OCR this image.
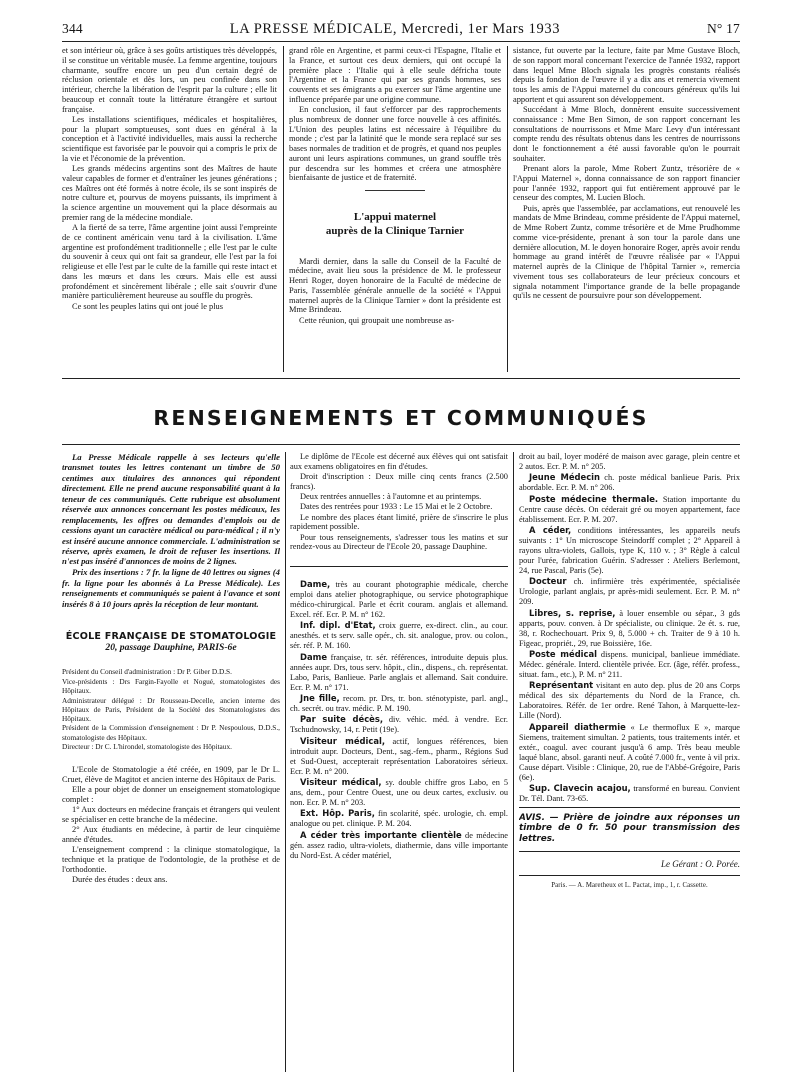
344	LA PRESSE MÉDICALE, Mercredi, 1er Mars 1933	N° 17

et son intérieur où, grâce à ses goûts artistiques très développés, il se constitue un véritable musée. La femme argentine, toujours charmante, souffre encore un peu d'un certain degré de réclusion orientale et dès lors, un peu confinée dans son intérieur, cherche la libération de l'esprit par la culture ; elle lit beaucoup et connaît toute la littérature étrangère et surtout française.

Les installations scientifiques, médicales et hospitalières, pour la plupart somptueuses, sont dues en général à la conception et à l'activité individuelles, mais aussi la recherche scientifique est favorisée par le pouvoir qui a compris le prix de la vie et l'économie de la prévention.

Les grands médecins argentins sont des Maîtres de haute valeur capables de former et d'entraîner les jeunes générations ; ces Maîtres ont été formés à notre école, ils se sont inspirés de notre culture et, pourvus de moyens puissants, ils impriment à la science argentine un mouvement qui la place désormais au premier rang de la médecine mondiale.

A la fierté de sa terre, l'âme argentine joint aussi l'empreinte de ce continent américain venu tard à la civilisation. L'âme argentine est profondément traditionnelle ; elle l'est par le culte du souvenir à ceux qui ont fait sa grandeur, elle l'est par la foi religieuse et elle l'est par le culte de la famille qui reste intact et dans les mœurs et dans les cœurs. Mais elle est aussi profondément et sincèrement libérale ; elle sait s'ouvrir d'une manière particulièrement heureuse au souffle du progrès.

Ce sont les peuples latins qui ont joué le plus

grand rôle en Argentine, et parmi ceux-ci l'Espagne, l'Italie et la France, et surtout ces deux derniers, qui ont occupé la première place : l'Italie qui à elle seule défricha toute l'Argentine et la France qui par ses grands hommes, ses couvents et ses émigrants a pu exercer sur l'âme argentine une influence préparée par une origine commune.

En conclusion, il faut s'efforcer par des rapprochements plus nombreux de donner une force nouvelle à ces affinités. L'Union des peuples latins est nécessaire à l'équilibre du monde ; c'est par la latinité que le monde sera replacé sur ses bases normales de tradition et de progrès, et quand nos peuples auront uni leurs aspirations communes, un grand souffle très pur descendra sur les hommes et créera une atmosphère bienfaisante de justice et de fraternité.

L'appui maternel
auprès de la Clinique Tarnier

Mardi dernier, dans la salle du Conseil de la Faculté de médecine, avait lieu sous la présidence de M. le professeur Henri Roger, doyen honoraire de la Faculté de médecine de Paris, l'assemblée générale annuelle de la société « l'Appui maternel auprès de la Clinique Tarnier » dont la présidente est Mme Brindeau.

Cette réunion, qui groupait une nombreuse as-

sistance, fut ouverte par la lecture, faite par Mme Gustave Bloch, de son rapport moral concernant l'exercice de l'année 1932, rapport dans lequel Mme Bloch signala les progrès constants réalisés depuis la fondation de l'œuvre il y a dix ans et remercia vivement tous les amis de l'Appui maternel du concours généreux qu'ils lui apportent et qui assurent son développement.

Succédant à Mme Bloch, donnèrent ensuite successivement connaissance : Mme Ben Simon, de son rapport concernant les consultations de nourrissons et Mme Marc Levy d'un intéressant compte rendu des résultats obtenus dans les centres de nourrissons dont le fonctionnement a été aussi favorable qu'on le pourrait souhaiter.

Prenant alors la parole, Mme Robert Zuntz, trésorière de « l'Appui Maternel », donna connaissance de son rapport financier pour l'année 1932, rapport qui fut entièrement approuvé par le censeur des comptes, M. Lucien Bloch.

Puis, après que l'assemblée, par acclamations, eut renouvelé les mandats de Mme Brindeau, comme présidente de l'Appui maternel, de Mme Robert Zuntz, comme trésorière et de Mme Prudhomme comme vice-présidente, prenant à son tour la parole dans une dernière allocution, M. le doyen honoraire Roger, après avoir rendu hommage au grand intérêt de l'œuvre réalisée par « l'Appui maternel auprès de la Clinique de l'hôpital Tarnier », remercia vivement tous ses collaborateurs de leur précieux concours et signala notamment l'importance grande de la belle propagande qu'ils ne cessent de poursuivre pour son développement.

RENSEIGNEMENTS ET COMMUNIQUÉS

La Presse Médicale rappelle à ses lecteurs qu'elle transmet toutes les lettres contenant un timbre de 50 centimes aux titulaires des annonces qui répondent directement. Elle ne prend aucune responsabilité quant à la teneur de ces communiqués. Cette rubrique est absolument réservée aux annonces concernant les postes médicaux, les remplacements, les offres ou demandes d'emplois ou de cessions ayant un caractère médical ou para-médical ; il n'y est inséré aucune annonce commerciale. L'administration se réserve, après examen, le droit de refuser les insertions. Il n'est pas inséré d'annonces de moins de 2 lignes.

Prix des insertions : 7 fr. la ligne de 40 lettres ou signes (4 fr. la ligne pour les abonnés à La Presse Médicale). Les renseignements et communiqués se paient à l'avance et sont insérés 8 à 10 jours après la réception de leur montant.

ÉCOLE FRANÇAISE DE STOMATOLOGIE
20, passage Dauphine, PARIS-6e

Président du Conseil d'administration : Dr P. Giber D.D.S.

Vice-présidents : Drs Fargin-Fayolle et Nogué, stomatologistes des Hôpitaux.

Administrateur délégué : Dr Rousseau-Decelle, ancien interne des Hôpitaux de Paris, Président de la Société des Stomatologistes des Hôpitaux.

Président de la Commission d'enseignement : Dr P. Nespoulous, D.D.S., stomatologiste des Hôpitaux.

Directeur : Dr C. L'hirondel, stomatologiste des Hôpitaux.

L'Ecole de Stomatologie a été créée, en 1909, par le Dr L. Cruet, élève de Magitot et ancien interne des Hôpitaux de Paris.

Elle a pour objet de donner un enseignement stomatologique complet :

1° Aux docteurs en médecine français et étrangers qui veulent se spécialiser en cette branche de la médecine.

2° Aux étudiants en médecine, à partir de leur cinquième année d'études.

L'enseignement comprend : la clinique stomatologique, la technique et la pratique de l'odontologie, de la prothèse et de l'orthodontie.

Durée des études : deux ans.

Le diplôme de l'Ecole est décerné aux élèves qui ont satisfait aux examens obligatoires en fin d'études.

Droit d'inscription : Deux mille cinq cents francs (2.500 francs).

Deux rentrées annuelles : à l'automne et au printemps.

Dates des rentrées pour 1933 : Le 15 Mai et le 2 Octobre.

Le nombre des places étant limité, prière de s'inscrire le plus rapidement possible.

Pour tous renseignements, s'adresser tous les matins et sur rendez-vous au Directeur de l'Ecole 20, passage Dauphine.

Dame, très au courant photographie médicale, cherche emploi dans atelier photographique, ou service photographique médico-chirurgical. Parle et écrit couram. anglais et allemand. Excel. réf. Ecr. P. M. n° 162.

Inf. dipl. d'Etat, croix guerre, ex-direct. clin., au cour. anesthés. et ts serv. salle opér., ch. sit. analogue, prov. ou colon., sér. réf. P. M. 160.

Dame française, tr. sér. références, introduite depuis plus. années aupr. Drs, tous serv. hôpit., clin., dispens., ch. représentat. Labo, Paris, Banlieue. Parle anglais et allemand. Sait conduire. Ecr. P. M. n° 171.

Jne fille, recom. pr. Drs, tr. bon. sténotypiste, parl. angl., ch. secrét. ou trav. médic. P. M. 190.

Par suite décès, div. véhic. méd. à vendre. Ecr. Tschudnowsky, 14, r. Petit (19e).

Visiteur médical, actif, longues références, bien introduit aupr. Docteurs, Dent., sag.-fem., pharm., Régions Sud et Sud-Ouest, accepterait représentation Laboratoires sérieux. Ecr. P. M. n° 200.

Visiteur médical, sy. double chiffre gros Labo, en 5 ans, dem., pour Centre Ouest, une ou deux cartes, exclusiv. ou non. Ecr. P. M. n° 203.

Ext. Hôp. Paris, fin scolarité, spéc. urologie, ch. empl. analogue ou pet. clinique. P. M. 204.

A céder très importante clientèle de médecine gén. assez radio, ultra-violets, diathermie, dans ville importante du Nord-Est. A céder matériel,

droit au bail, loyer modéré de maison avec garage, plein centre et 2 autos. Ecr. P. M. n° 205.

Jeune Médecin ch. poste médical banlieue Paris. Prix abordable. Ecr. P. M. n° 206.

Poste médecine thermale. Station importante du Centre cause décès. On céderait gré ou moyen appartement, face établissement. Ecr. P. M. 207.

A céder, conditions intéressantes, les appareils neufs suivants : 1° Un microscope Steindorff complet ; 2° Appareil à rayons ultra-violets, Gallois, type K, 110 v. ; 3° Règle à calcul pour l'urée, fabrication Guérin. S'adresser : Ateliers Berlemont, 24, rue Pascal, Paris (5e).

Docteur ch. infirmière très expérimentée, spécialisée Urologie, parlant anglais, pr après-midi seulement. Ecr. P. M. n° 209.

Libres, s. reprise, à louer ensemble ou sépar., 3 gds apparts, pouv. conven. à Dr spécialiste, ou clinique. 2e ét. s. rue, 38, r. Rochechouart. Prix 9, 8, 5.000 + ch. Traiter de 9 à 10 h. Figeac, propriét., 29, rue Boissière, 16e.

Poste médical dispens. municipal, banlieue immédiate. Médec. générale. Interd. clientèle privée. Ecr. (âge, référ. profess., situat. fam., etc.), P. M. n° 211.

Représentant visitant en auto dep. plus de 20 ans Corps médical des six départements du Nord de la France, ch. Laboratoires. Référ. de 1er ordre. René Tahon, à Marquette-lez-Lille (Nord).

Appareil diathermie « Le thermoflux E », marque Siemens, traitement simultan. 2 patients, tous traitements intér. et extér., coagul. avec courant jusqu'à 6 amp. Très beau meuble laqué blanc, absol. garanti neuf. A coûté 7.000 fr., vente à vil prix. Cause départ. Visible : Clinique, 20, rue de l'Abbé-Grégoire, Paris (6e).

Sup. Clavecin acajou, transformé en bureau. Convient Dr. Tél. Dant. 73-65.

AVIS. — Prière de joindre aux réponses un timbre de 0 fr. 50 pour transmission des lettres.
Le Gérant : O. Porée.
Paris. — A. Maretheux et L. Pactat, imp., 1, r. Cassette.
